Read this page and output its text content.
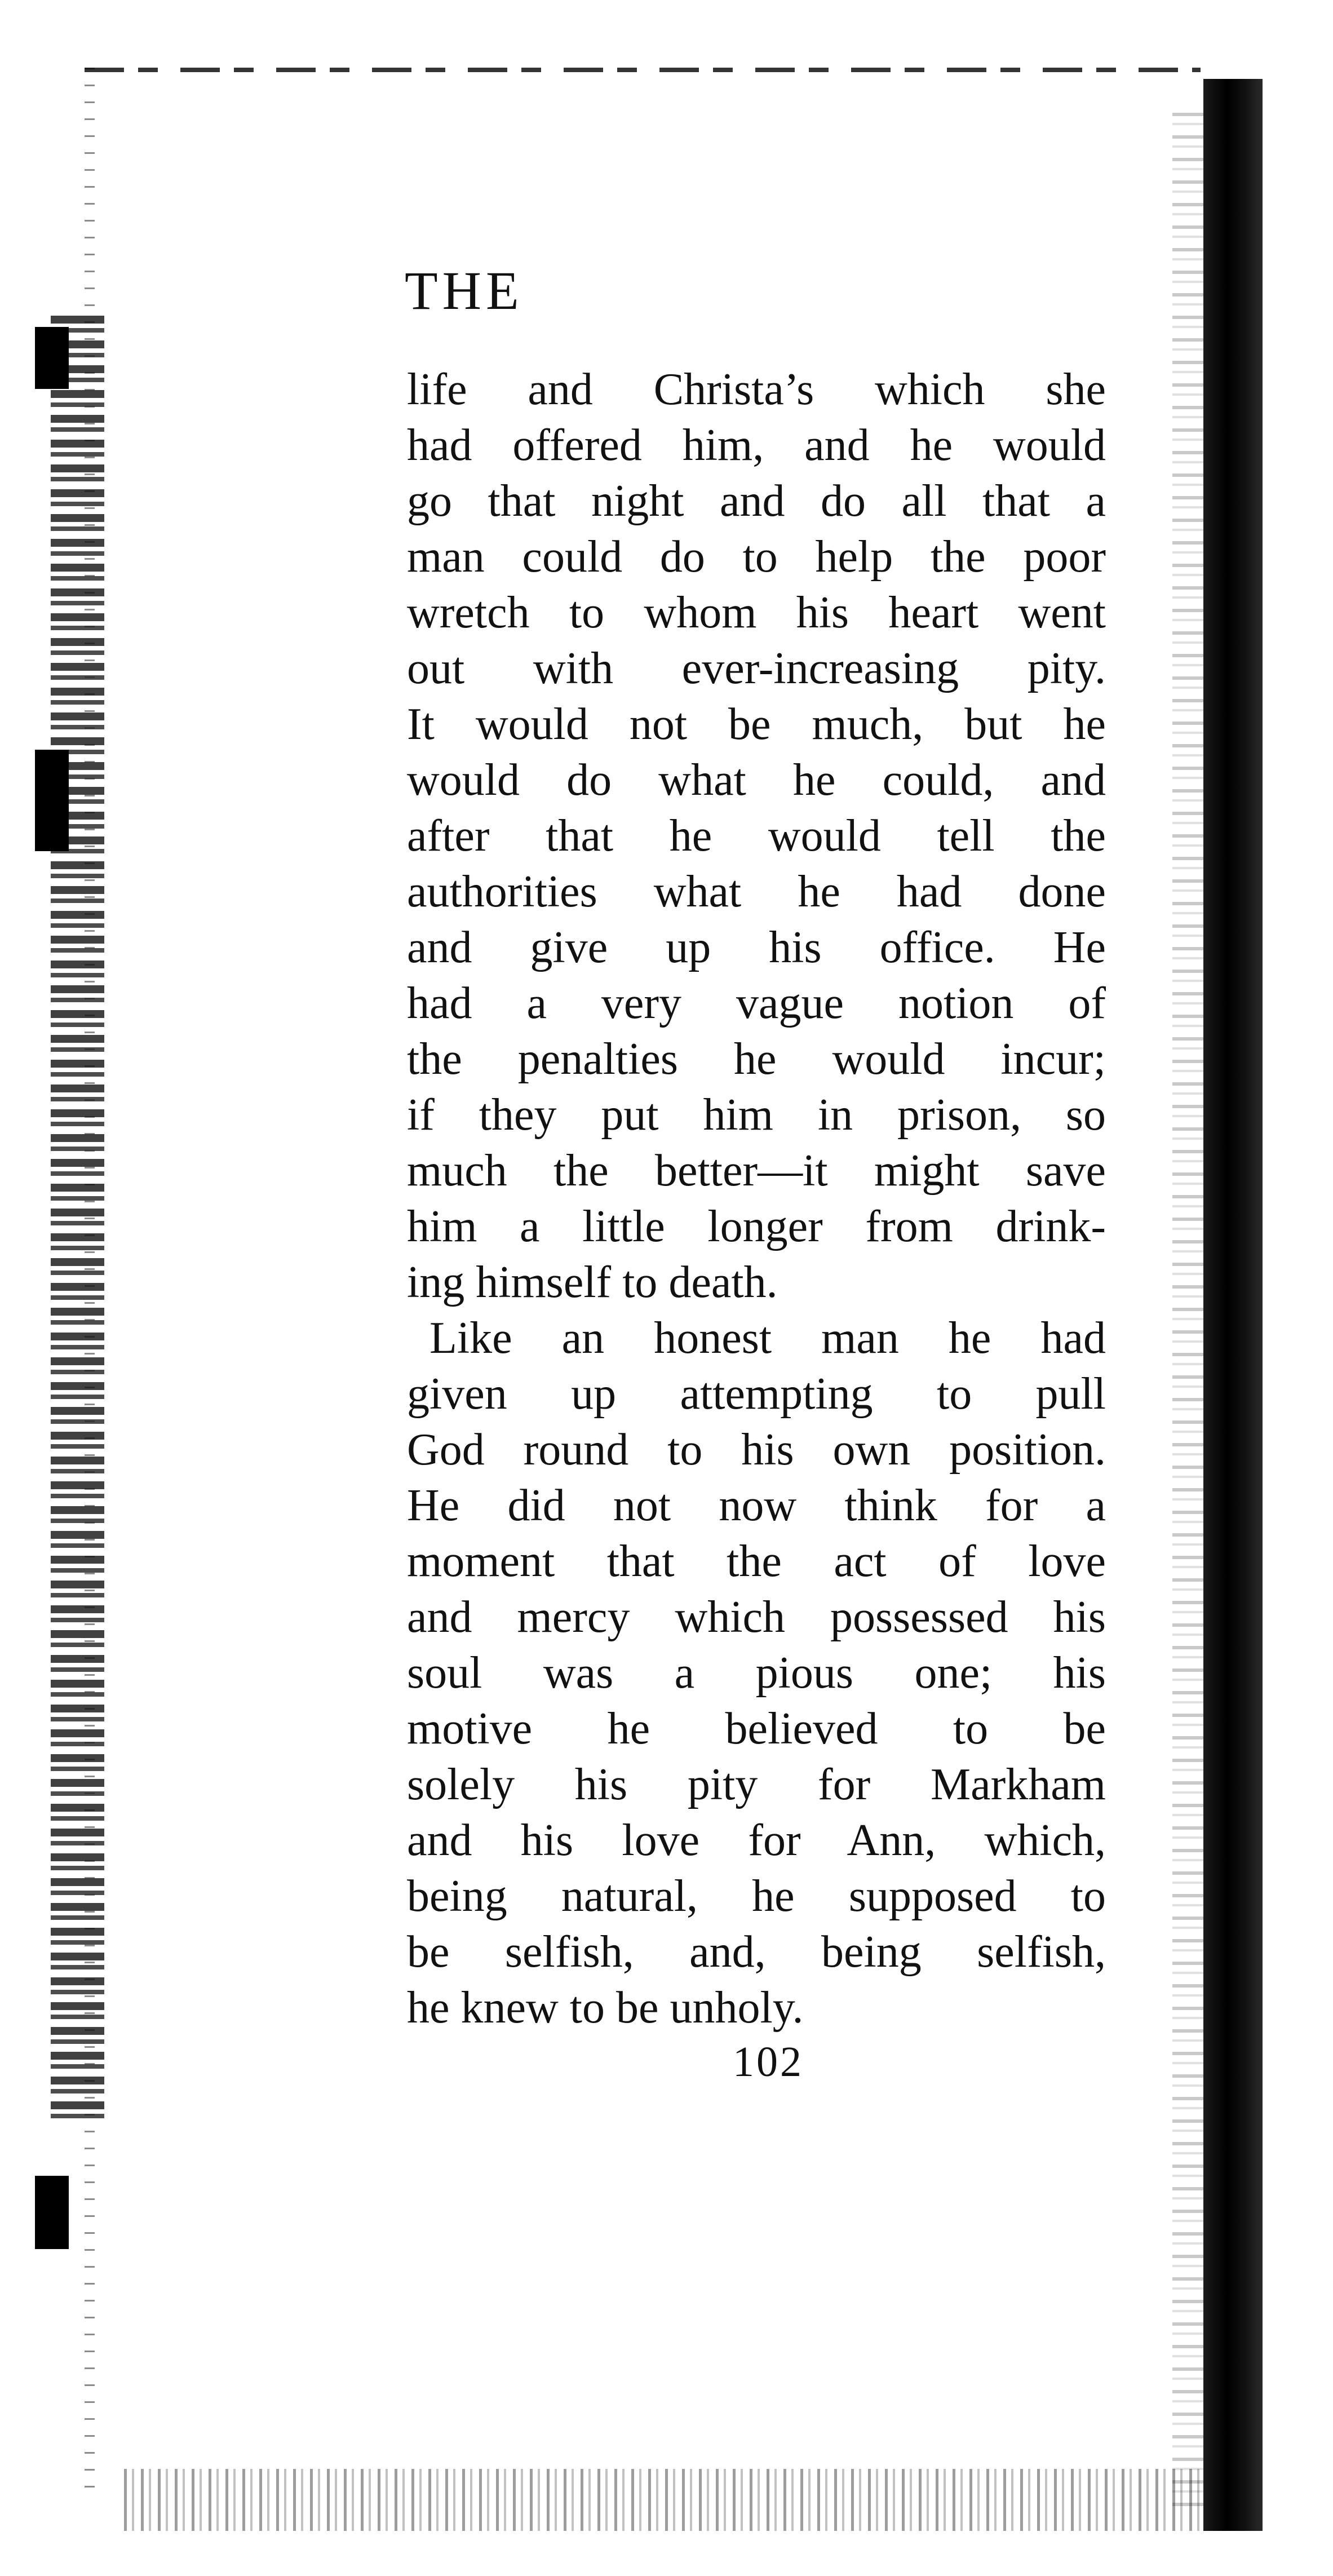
THE
life and Christa’s which she
had offered him, and he would
go that night and do all that a
man could do to help the poor
wretch to whom his heart went
out with ever-increasing pity.
It would not be much, but he
would do what he could, and
after that he would tell the
authorities what he had done
and give up his office. He
had a very vague notion of
the penalties he would incur;
if they put him in prison, so
much the better—it might save
him a little longer from drink-
ing himself to death.
Like an honest man he had
given up attempting to pull
God round to his own position.
He did not now think for a
moment that the act of love
and mercy which possessed his
soul was a pious one; his
motive he believed to be
solely his pity for Markham
and his love for Ann, which,
being natural, he supposed to
be selfish, and, being selfish,
he knew to be unholy.
102
